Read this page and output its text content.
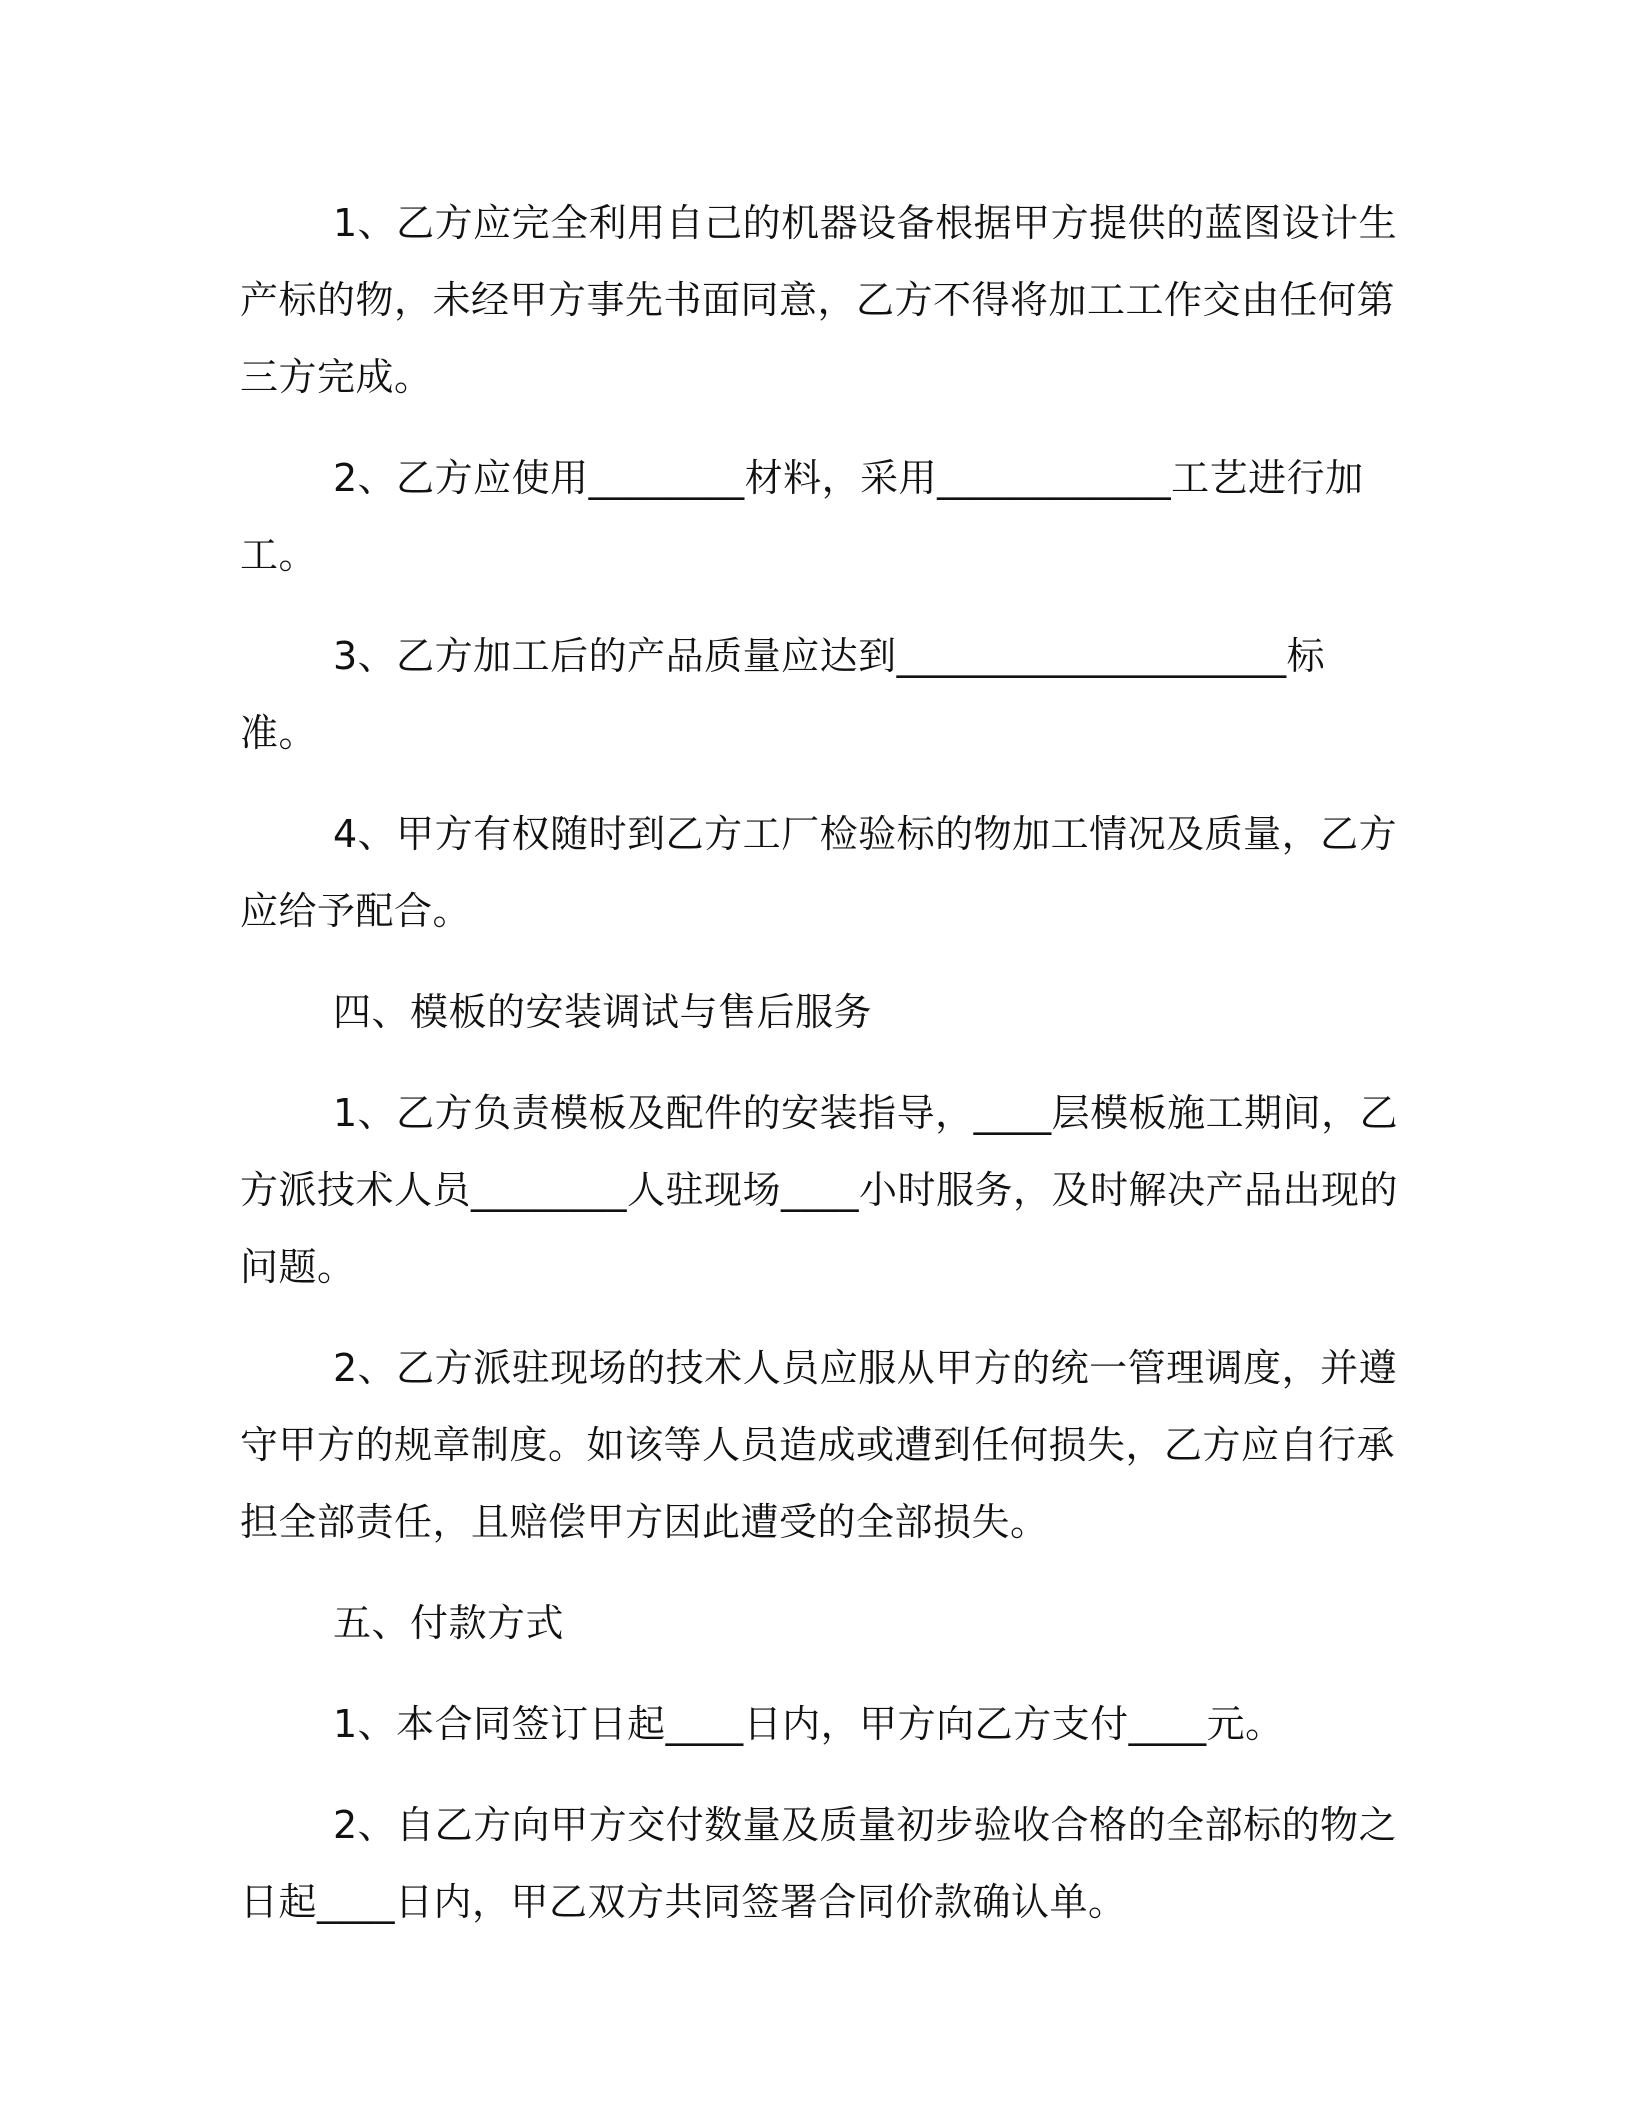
1、乙方应完全利用自己的机器设备根据甲方提供的蓝图设计生产标的物，未经甲方事先书面同意，乙方不得将加工工作交由任何第三方完成。

2、乙方应使用________材料，采用____________工艺进行加工。

3、乙方加工后的产品质量应达到____________________标准。

4、甲方有权随时到乙方工厂检验标的物加工情况及质量，乙方应给予配合。

四、模板的安装调试与售后服务

1、乙方负责模板及配件的安装指导，____层模板施工期间，乙方派技术人员________人驻现场____小时服务，及时解决产品出现的问题。

2、乙方派驻现场的技术人员应服从甲方的统一管理调度，并遵守甲方的规章制度。如该等人员造成或遭到任何损失，乙方应自行承担全部责任，且赔偿甲方因此遭受的全部损失。

五、付款方式

1、本合同签订日起____日内，甲方向乙方支付____元。

2、自乙方向甲方交付数量及质量初步验收合格的全部标的物之日起____日内，甲乙双方共同签署合同价款确认单。
